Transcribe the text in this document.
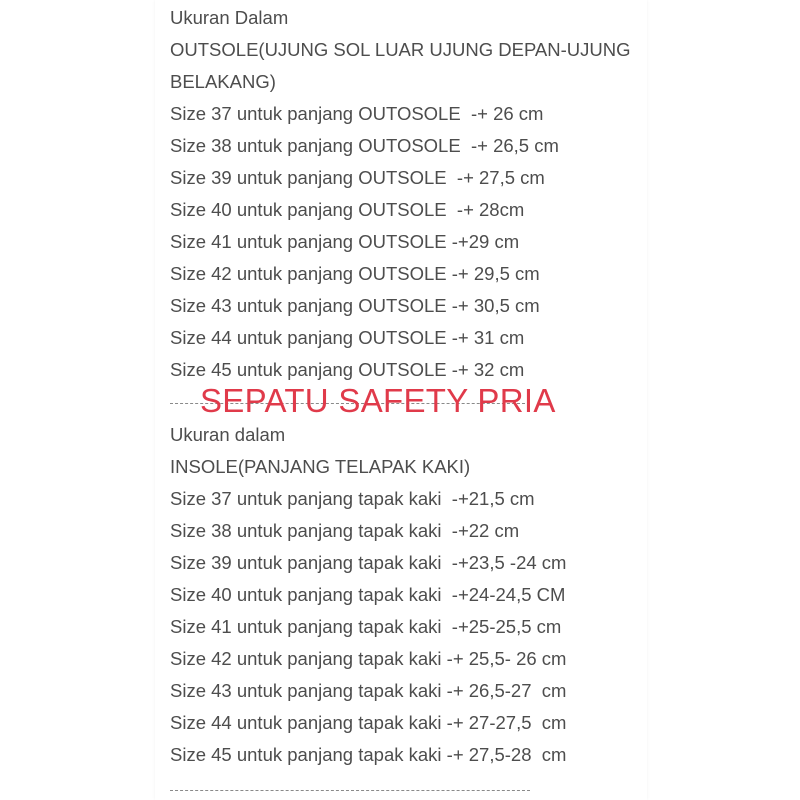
Ukuran Dalam
OUTSOLE(UJUNG SOL LUAR UJUNG DEPAN-UJUNG
BELAKANG)
Size 37 untuk panjang OUTOSOLE  -+ 26 cm
Size 38 untuk panjang OUTOSOLE  -+ 26,5 cm
Size 39 untuk panjang OUTSOLE  -+ 27,5 cm
Size 40 untuk panjang OUTSOLE  -+ 28cm
Size 41 untuk panjang OUTSOLE -+29 cm
Size 42 untuk panjang OUTSOLE -+ 29,5 cm
Size 43 untuk panjang OUTSOLE -+ 30,5 cm
Size 44 untuk panjang OUTSOLE -+ 31 cm
Size 45 untuk panjang OUTSOLE -+ 32 cm
SEPATU SAFETY PRIA
Ukuran dalam
INSOLE(PANJANG TELAPAK KAKI)
Size 37 untuk panjang tapak kaki  -+21,5 cm
Size 38 untuk panjang tapak kaki  -+22 cm
Size 39 untuk panjang tapak kaki  -+23,5 -24 cm
Size 40 untuk panjang tapak kaki  -+24-24,5 CM
Size 41 untuk panjang tapak kaki  -+25-25,5 cm
Size 42 untuk panjang tapak kaki -+ 25,5- 26 cm
Size 43 untuk panjang tapak kaki -+ 26,5-27  cm
Size 44 untuk panjang tapak kaki -+ 27-27,5  cm
Size 45 untuk panjang tapak kaki -+ 27,5-28  cm
